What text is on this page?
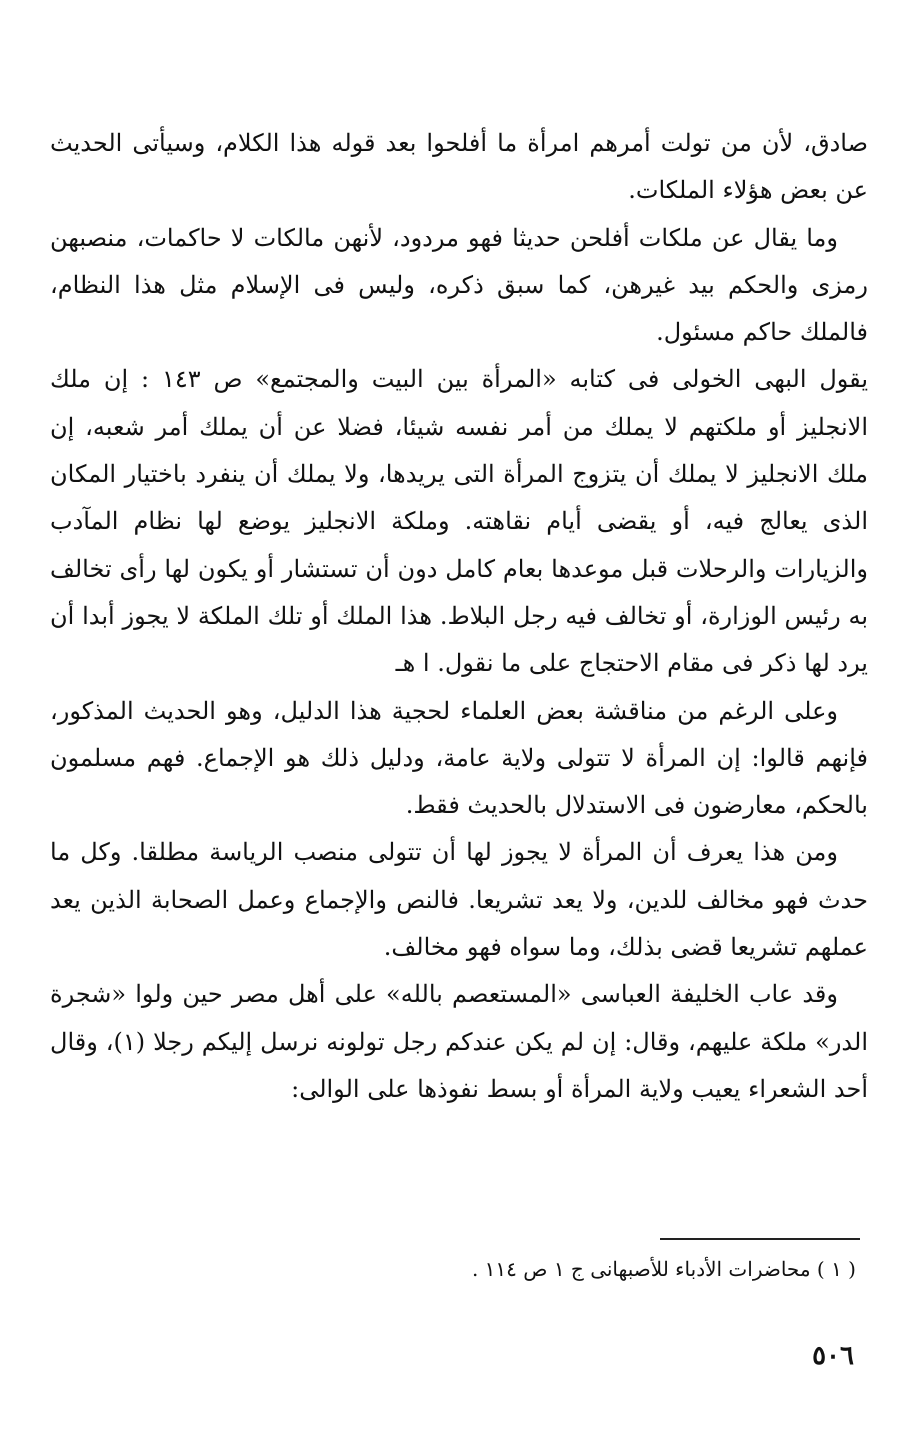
صادق، لأن من تولت أمرهم امرأة ما أفلحوا بعد قوله هذا الكلام، وسيأتى الحديث عن بعض هؤلاء الملكات.

وما يقال عن ملكات أفلحن حديثا فهو مردود، لأنهن مالكات لا حاكمات، منصبهن رمزى والحكم بيد غيرهن، كما سبق ذكره، وليس فى الإسلام مثل هذا النظام، فالملك حاكم مسئول.

يقول البهى الخولى فى كتابه «المرأة بين البيت والمجتمع» ص ١٤٣ : إن ملك الانجليز أو ملكتهم لا يملك من أمر نفسه شيئا، فضلا عن أن يملك أمر شعبه، إن ملك الانجليز لا يملك أن يتزوج المرأة التى يريدها، ولا يملك أن ينفرد باختيار المكان الذى يعالج فيه، أو يقضى أيام نقاهته. وملكة الانجليز يوضع لها نظام المآدب والزيارات والرحلات قبل موعدها بعام كامل دون أن تستشار أو يكون لها رأى تخالف به رئيس الوزارة، أو تخالف فيه رجل البلاط. هذا الملك أو تلك الملكة لا يجوز أبدا أن يرد لها ذكر فى مقام الاحتجاج على ما نقول. ا هـ

وعلى الرغم من مناقشة بعض العلماء لحجية هذا الدليل، وهو الحديث المذكور، فإنهم قالوا: إن المرأة لا تتولى ولاية عامة، ودليل ذلك هو الإجماع. فهم مسلمون بالحكم، معارضون فى الاستدلال بالحديث فقط.

ومن هذا يعرف أن المرأة لا يجوز لها أن تتولى منصب الرياسة مطلقا. وكل ما حدث فهو مخالف للدين، ولا يعد تشريعا. فالنص والإجماع وعمل الصحابة الذين يعد عملهم تشريعا قضى بذلك، وما سواه فهو مخالف.

وقد عاب الخليفة العباسى «المستعصم بالله» على أهل مصر حين ولوا «شجرة الدر» ملكة عليهم، وقال: إن لم يكن عندكم رجل تولونه نرسل إليكم رجلا (١)، وقال أحد الشعراء يعيب ولاية المرأة أو بسط نفوذها على الوالى:

( ١ ) محاضرات الأدباء للأصبهانى ج ١ ص ١١٤ .
٥٠٦
